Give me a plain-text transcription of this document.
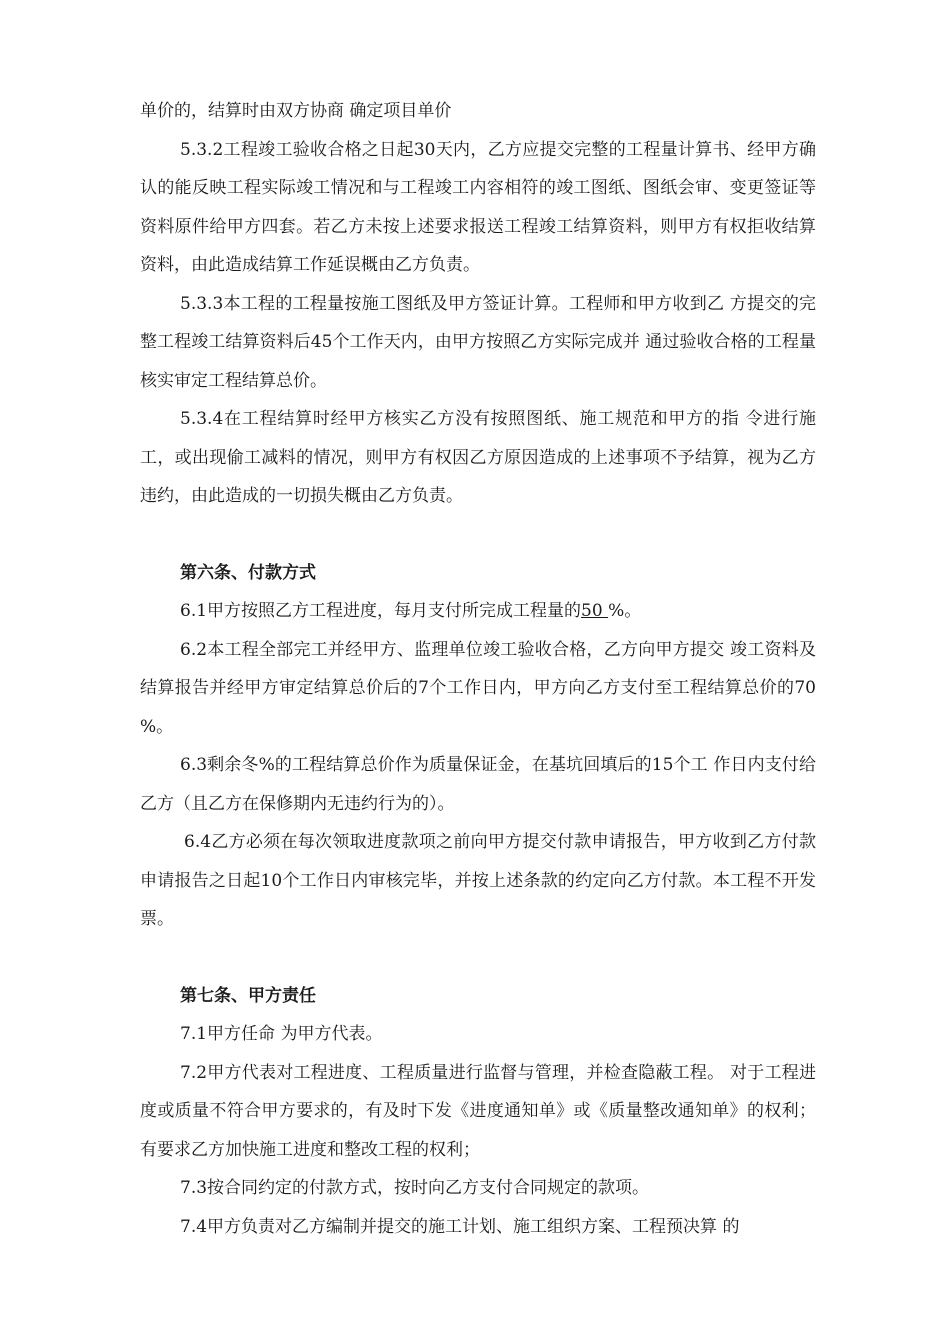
单价的，结算时由双方协商 确定项目单价

5.3.2工程竣工验收合格之日起30天内，乙方应提交完整的工程量计算书、经甲方确认的能反映工程实际竣工情况和与工程竣工内容相符的竣工图纸、图纸会审、变更签证等资料原件给甲方四套。若乙方未按上述要求报送工程竣工结算资料，则甲方有权拒收结算资料，由此造成结算工作延误概由乙方负责。

5.3.3本工程的工程量按施工图纸及甲方签证计算。工程师和甲方收到乙 方提交的完整工程竣工结算资料后45个工作天内，由甲方按照乙方实际完成并 通过验收合格的工程量核实审定工程结算总价。

5.3.4在工程结算时经甲方核实乙方没有按照图纸、施工规范和甲方的指 令进行施工，或出现偷工减料的情况，则甲方有权因乙方原因造成的上述事项不予结算，视为乙方违约，由此造成的一切损失概由乙方负责。

第六条、付款方式

6.1甲方按照乙方工程进度，每月支付所完成工程量的50 %。

6.2本工程全部完工并经甲方、监理单位竣工验收合格，乙方向甲方提交 竣工资料及结算报告并经甲方审定结算总价后的7个工作日内，甲方向乙方支付至工程结算总价的70 %。

6.3剩余冬%的工程结算总价作为质量保证金，在基坑回填后的15个工 作日内支付给乙方（且乙方在保修期内无违约行为的）。

6.4乙方必须在每次领取进度款项之前向甲方提交付款申请报告，甲方收到乙方付款申请报告之日起10个工作日内审核完毕，并按上述条款的约定向乙方付款。本工程不开发票。

第七条、甲方责任

7.1甲方任命 为甲方代表。

7.2甲方代表对工程进度、工程质量进行监督与管理，并检查隐蔽工程。 对于工程进度或质量不符合甲方要求的，有及时下发《进度通知单》或《质量整改通知单》的权利；有要求乙方加快施工进度和整改工程的权利；

7.3按合同约定的付款方式，按时向乙方支付合同规定的款项。

7.4甲方负责对乙方编制并提交的施工计划、施工组织方案、工程预决算 的
